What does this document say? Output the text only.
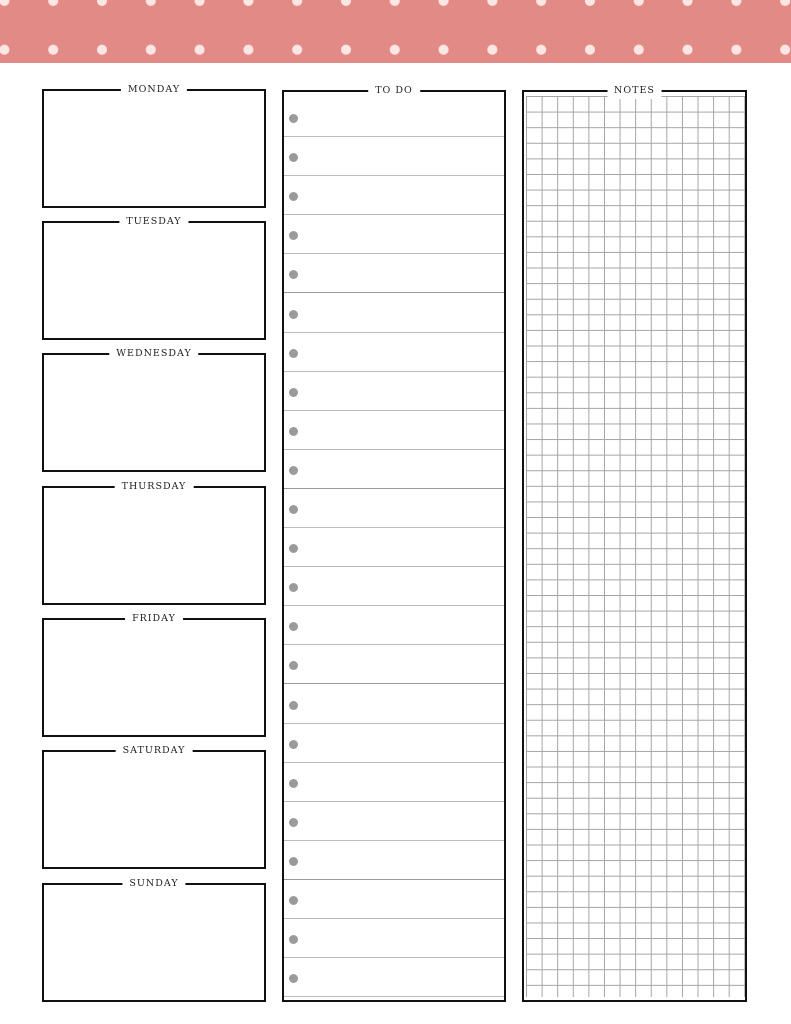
MONDAY
TUESDAY
WEDNESDAY
THURSDAY
FRIDAY
SATURDAY
SUNDAY
TO DO	NOTES
